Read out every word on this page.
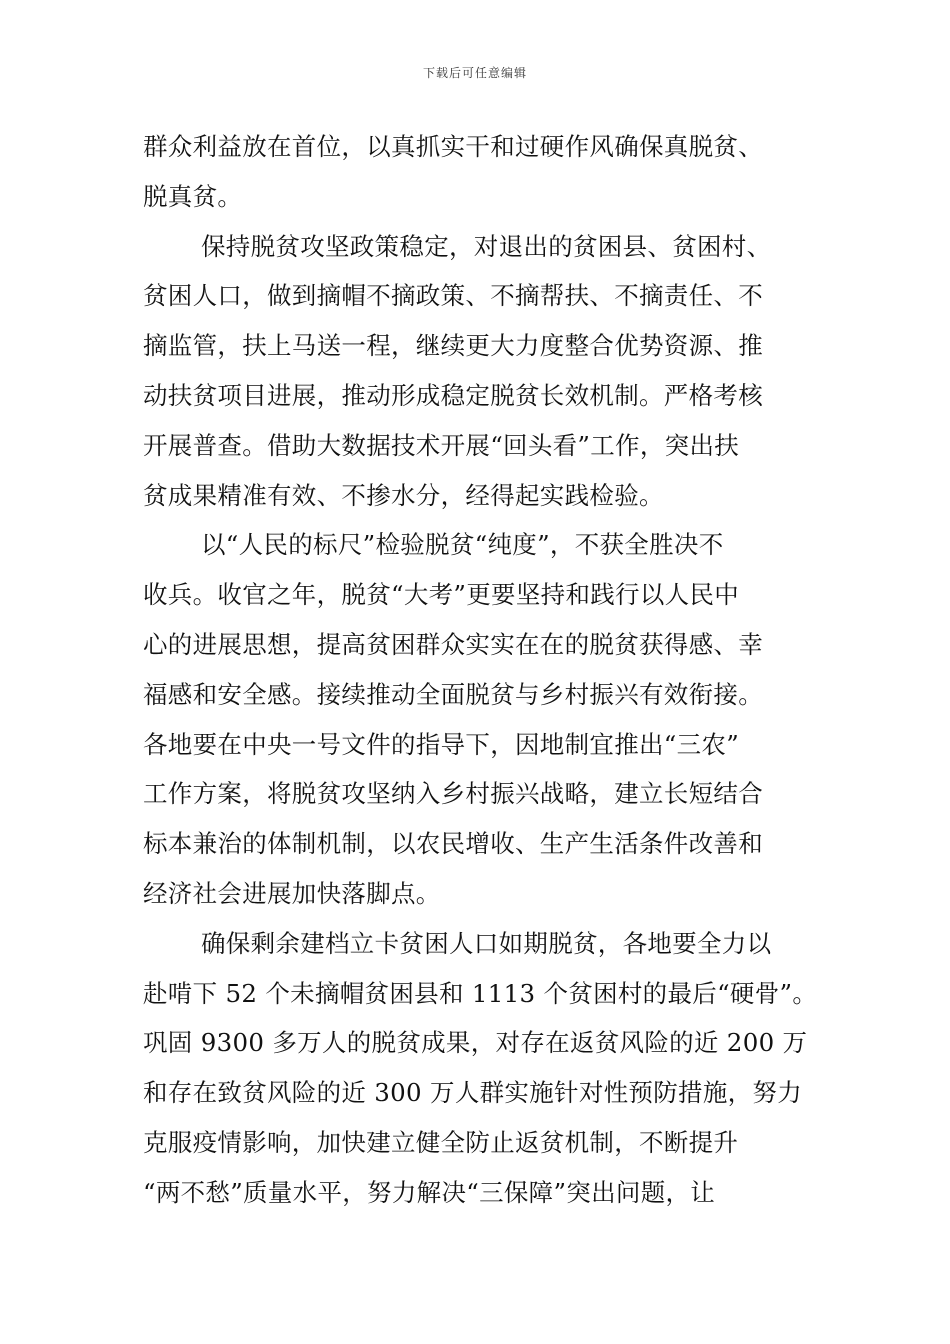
下载后可任意编辑
群众利益放在首位，以真抓实干和过硬作风确保真脱贫、
脱真贫。
保持脱贫攻坚政策稳定，对退出的贫困县、贫困村、
贫困人口，做到摘帽不摘政策、不摘帮扶、不摘责任、不
摘监管，扶上马送一程，继续更大力度整合优势资源、推
动扶贫项目进展，推动形成稳定脱贫长效机制。严格考核
开展普查。借助大数据技术开展“回头看”工作，突出扶
贫成果精准有效、不掺水分，经得起实践检验。
以“人民的标尺”检验脱贫“纯度”，不获全胜决不
收兵。收官之年，脱贫“大考”更要坚持和践行以人民中
心的进展思想，提高贫困群众实实在在的脱贫获得感、幸
福感和安全感。接续推动全面脱贫与乡村振兴有效衔接。
各地要在中央一号文件的指导下，因地制宜推出“三农”
工作方案，将脱贫攻坚纳入乡村振兴战略，建立长短结合
标本兼治的体制机制，以农民增收、生产生活条件改善和
经济社会进展加快落脚点。
确保剩余建档立卡贫困人口如期脱贫，各地要全力以
赴啃下 52 个未摘帽贫困县和 1113 个贫困村的最后“硬骨”。
巩固 9300 多万人的脱贫成果，对存在返贫风险的近 200 万
和存在致贫风险的近 300 万人群实施针对性预防措施，努力
克服疫情影响，加快建立健全防止返贫机制，不断提升
“两不愁”质量水平，努力解决“三保障”突出问题，让
